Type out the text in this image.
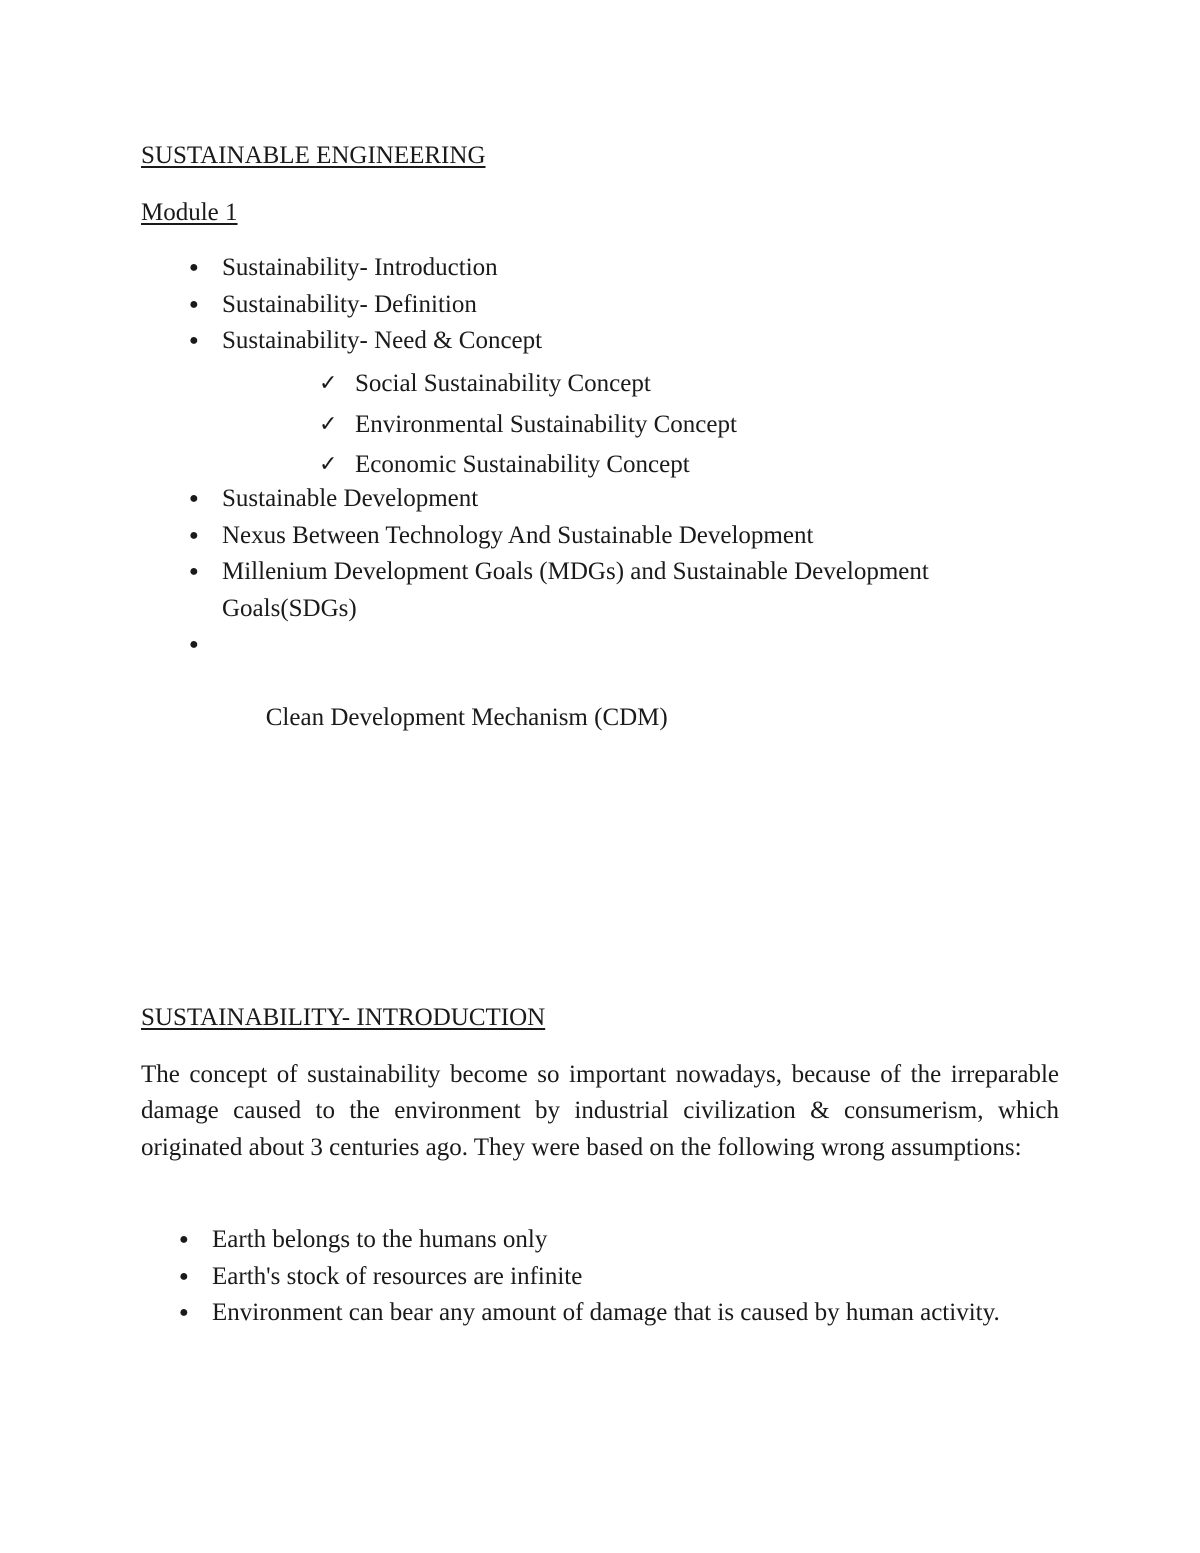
SUSTAINABLE ENGINEERING
Module 1
● Sustainability- Introduction
● Sustainability- Definition
● Sustainability- Need & Concept
✓ Social Sustainability Concept
✓ Environmental Sustainability Concept
✓ Economic Sustainability Concept
● Sustainable Development
● Nexus Between Technology And Sustainable Development
● Millenium Development Goals (MDGs) and Sustainable Development Goals(SDGs)

●

Clean Development Mechanism (CDM)

SUSTAINABILITY- INTRODUCTION

The concept of sustainability become so important nowadays, because of the irreparable damage caused to the environment by industrial civilization & consumerism, which originated about 3 centuries ago. They were based on the following wrong assumptions:

● Earth belongs to the humans only
● Earth's stock of resources are infinite
● Environment can bear any amount of damage that is caused by human activity.
